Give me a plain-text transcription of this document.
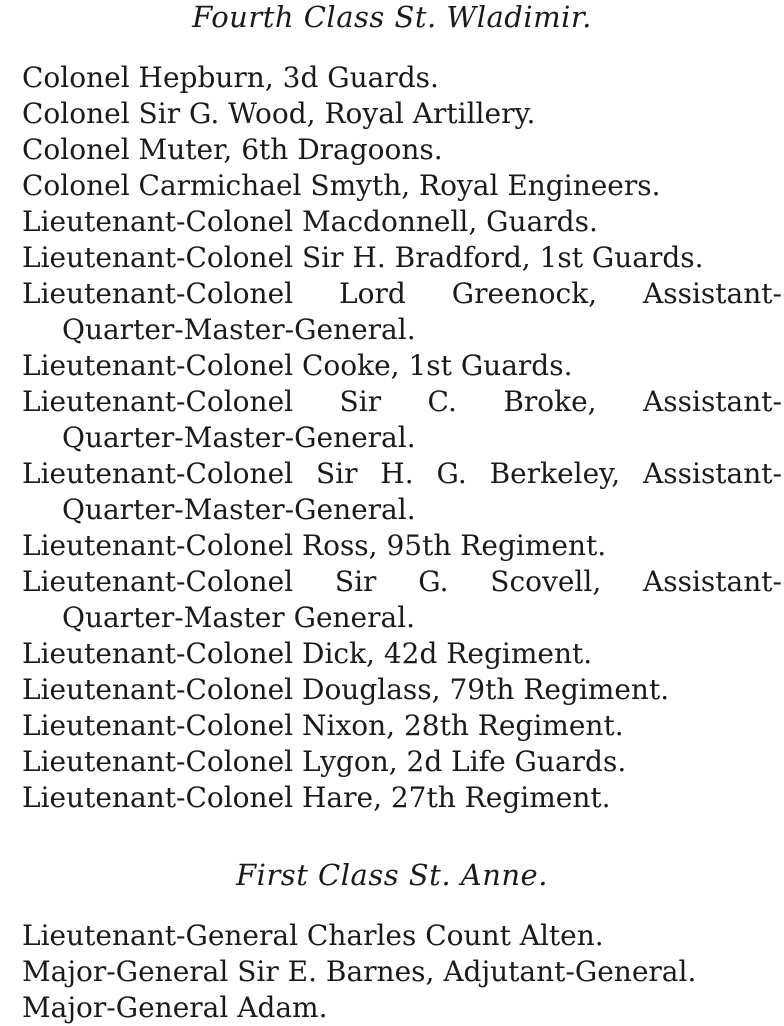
Fourth Class St. Wladimir.

Colonel Hepburn, 3d Guards.

Colonel Sir G. Wood, Royal Artillery.

Colonel Muter, 6th Dragoons.

Colonel Carmichael Smyth, Royal Engineers.

Lieutenant-Colonel Macdonnell, Guards.

Lieutenant-Colonel Sir H. Bradford, 1st Guards.

Lieutenant-Colonel Lord Greenock, Assistant-
Quarter-Master-General.

Lieutenant-Colonel Cooke, 1st Guards.

Lieutenant-Colonel Sir C. Broke, Assistant-
Quarter-Master-General.

Lieutenant-Colonel Sir H. G. Berkeley, Assistant-
Quarter-Master-General.

Lieutenant-Colonel Ross, 95th Regiment.

Lieutenant-Colonel Sir G. Scovell, Assistant-
Quarter-Master General.

Lieutenant-Colonel Dick, 42d Regiment.

Lieutenant-Colonel Douglass, 79th Regiment.

Lieutenant-Colonel Nixon, 28th Regiment.

Lieutenant-Colonel Lygon, 2d Life Guards.

Lieutenant-Colonel Hare, 27th Regiment.

First Class St. Anne.

Lieutenant-General Charles Count Alten.

Major-General Sir E. Barnes, Adjutant-General.

Major-General Adam.
